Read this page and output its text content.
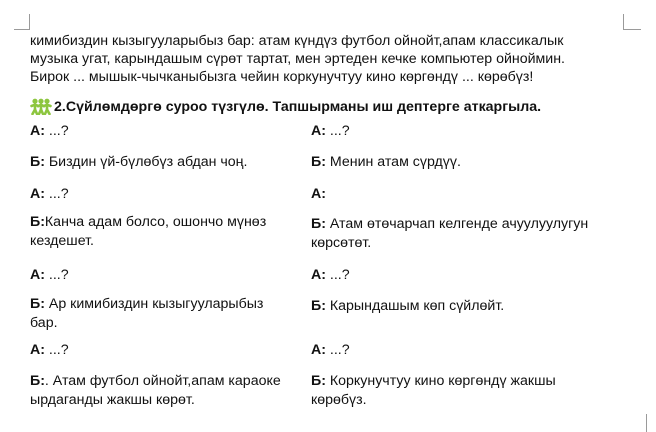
кимибиздин кызыгууларыбыз бар: атам күндүз футбол ойнойт,апам классикалык
музыка угат, карындашым сүрөт тартат, мен эртеден кечке компьютер ойноймин.
Бирок ... мышык-чычканыбызга чейин коркунучтуу кино көргөндү ... көрөбүз!
2.Сүйлөмдөргө суроо түзгүлө. Тапшырманы иш дептерге аткаргыла.
А: ...?
Б: Биздин үй-бүлөбүз абдан чоң.
А: ...?
Б:Канча адам болсо, ошончо мүнөз кездешет.
А: ...?
Б: Ар кимибиздин кызыгууларыбыз бар.
А: ...?
Б:. Атам футбол ойнойт,апам караоке ырдаганды жакшы көрөт.
А: ...?
Б: Менин атам сүрдүү.
А:
Б: Атам өтөчарчап келгенде ачуулуулугун көрсөтөт.
А: ...?
Б: Карындашым көп сүйлөйт.
А: ...?
Б: Коркунучтуу кино көргөндү жакшы көрөбүз.
